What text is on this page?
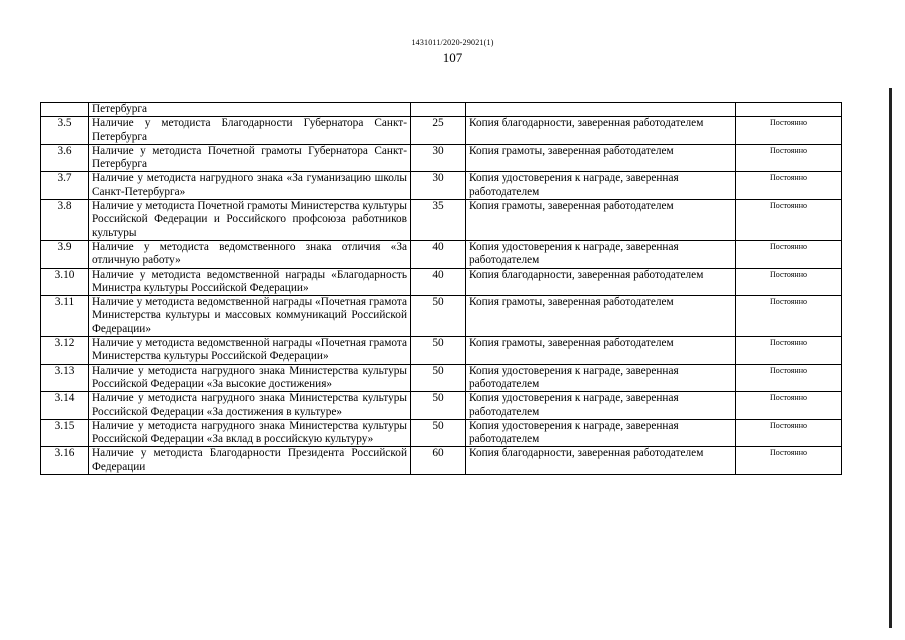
1431011/2020-29021(1)
107
	Петербурга			
3.5	Наличие у методиста Благодарности Губернатора Санкт-Петербурга	25	Копия благодарности, заверенная работодателем	Постоянно
3.6	Наличие у методиста Почетной грамоты Губернатора Санкт-Петербурга	30	Копия грамоты, заверенная работодателем	Постоянно
3.7	Наличие у методиста нагрудного знака «За гуманизацию школы Санкт-Петербурга»	30	Копия удостоверения к награде, заверенная работодателем	Постоянно
3.8	Наличие у методиста Почетной грамоты Министерства культуры Российской Федерации и Российского профсоюза работников культуры	35	Копия грамоты, заверенная работодателем	Постоянно
3.9	Наличие у методиста ведомственного знака отличия «За отличную работу»	40	Копия удостоверения к награде, заверенная работодателем	Постоянно
3.10	Наличие у методиста ведомственной награды «Благодарность Министра культуры Российской Федерации»	40	Копия благодарности, заверенная работодателем	Постоянно
3.11	Наличие у методиста ведомственной награды «Почетная грамота Министерства культуры и массовых коммуникаций Российской Федерации»	50	Копия грамоты, заверенная работодателем	Постоянно
3.12	Наличие у методиста ведомственной награды «Почетная грамота Министерства культуры Российской Федерации»	50	Копия грамоты, заверенная работодателем	Постоянно
3.13	Наличие у методиста нагрудного знака Министерства культуры Российской Федерации «За высокие достижения»	50	Копия удостоверения к награде, заверенная работодателем	Постоянно
3.14	Наличие у методиста нагрудного знака Министерства культуры Российской Федерации «За достижения в культуре»	50	Копия удостоверения к награде, заверенная работодателем	Постоянно
3.15	Наличие у методиста нагрудного знака Министерства культуры Российской Федерации «За вклад в российскую культуру»	50	Копия удостоверения к награде, заверенная работодателем	Постоянно
3.16	Наличие у методиста Благодарности Президента Российской Федерации	60	Копия благодарности, заверенная работодателем	Постоянно
